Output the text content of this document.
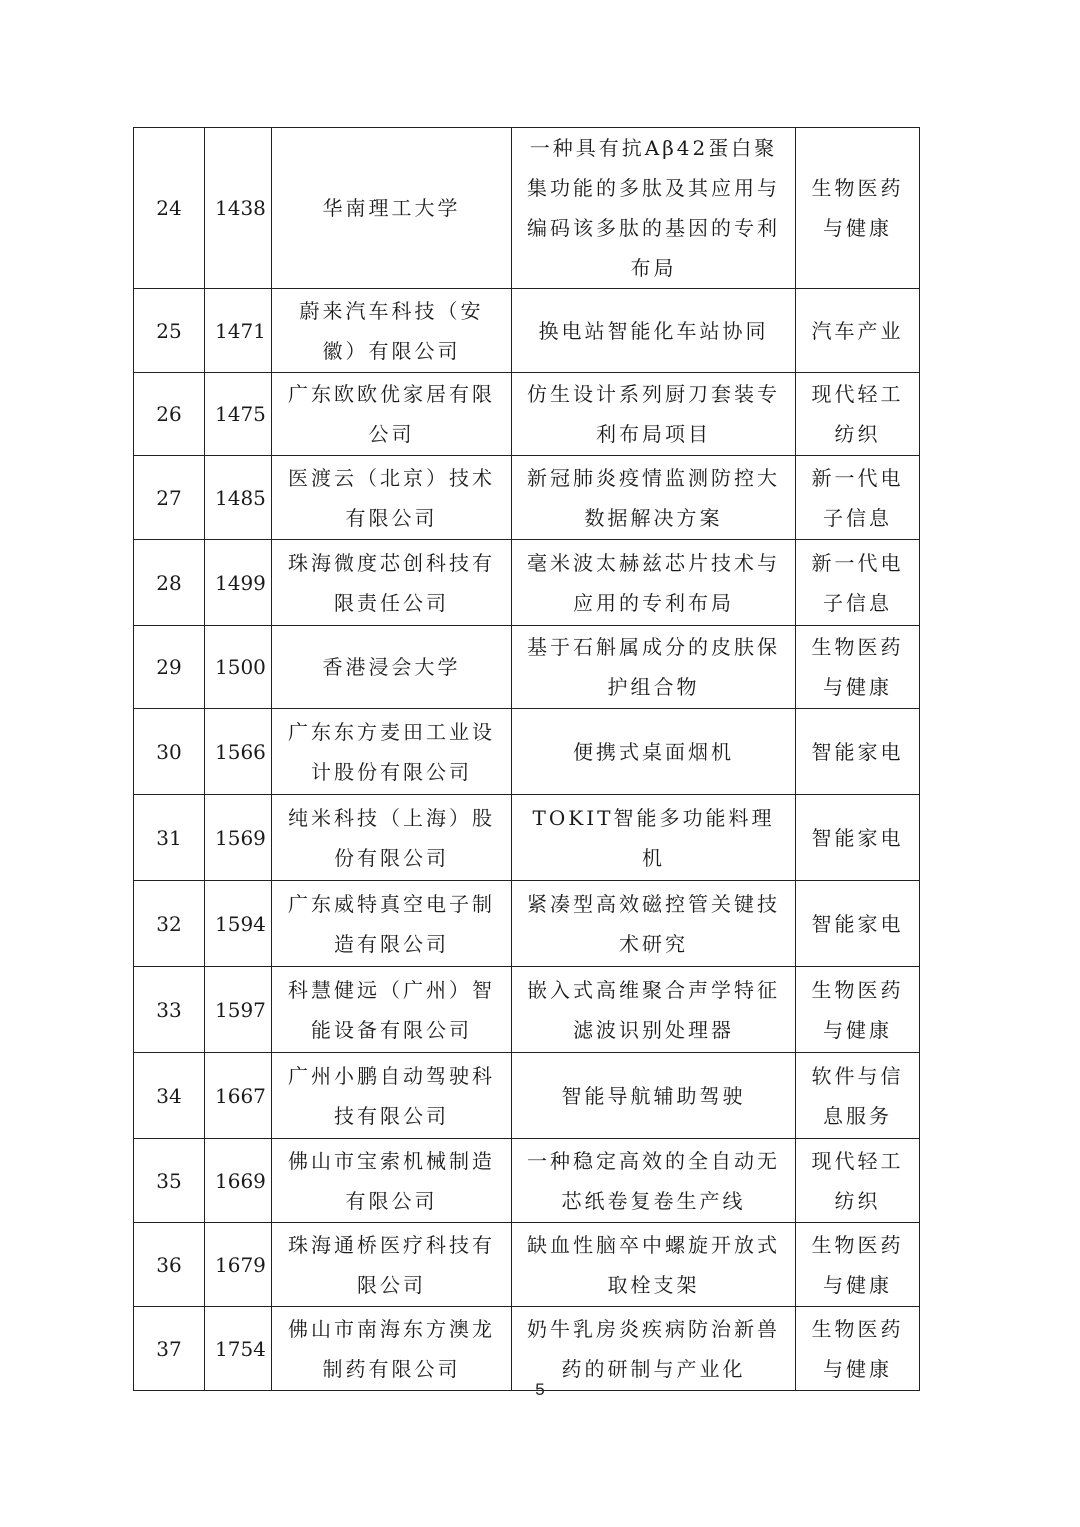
24	1438	华南理工大学	一种具有抗Aβ42蛋白聚集功能的多肽及其应用与编码该多肽的基因的专利布局	生物医药与健康
25	1471	蔚来汽车科技（安徽）有限公司	换电站智能化车站协同	汽车产业
26	1475	广东欧欧优家居有限公司	仿生设计系列厨刀套装专利布局项目	现代轻工纺织
27	1485	医渡云（北京）技术有限公司	新冠肺炎疫情监测防控大数据解决方案	新一代电子信息
28	1499	珠海微度芯创科技有限责任公司	毫米波太赫兹芯片技术与应用的专利布局	新一代电子信息
29	1500	香港浸会大学	基于石斛属成分的皮肤保护组合物	生物医药与健康
30	1566	广东东方麦田工业设计股份有限公司	便携式桌面烟机	智能家电
31	1569	纯米科技（上海）股份有限公司	TOKIT智能多功能料理机	智能家电
32	1594	广东威特真空电子制造有限公司	紧凑型高效磁控管关键技术研究	智能家电
33	1597	科慧健远（广州）智能设备有限公司	嵌入式高维聚合声学特征滤波识别处理器	生物医药与健康
34	1667	广州小鹏自动驾驶科技有限公司	智能导航辅助驾驶	软件与信息服务
35	1669	佛山市宝索机械制造有限公司	一种稳定高效的全自动无芯纸卷复卷生产线	现代轻工纺织
36	1679	珠海通桥医疗科技有限公司	缺血性脑卒中螺旋开放式取栓支架	生物医药与健康
37	1754	佛山市南海东方澳龙制药有限公司	奶牛乳房炎疾病防治新兽药的研制与产业化	生物医药与健康
5
